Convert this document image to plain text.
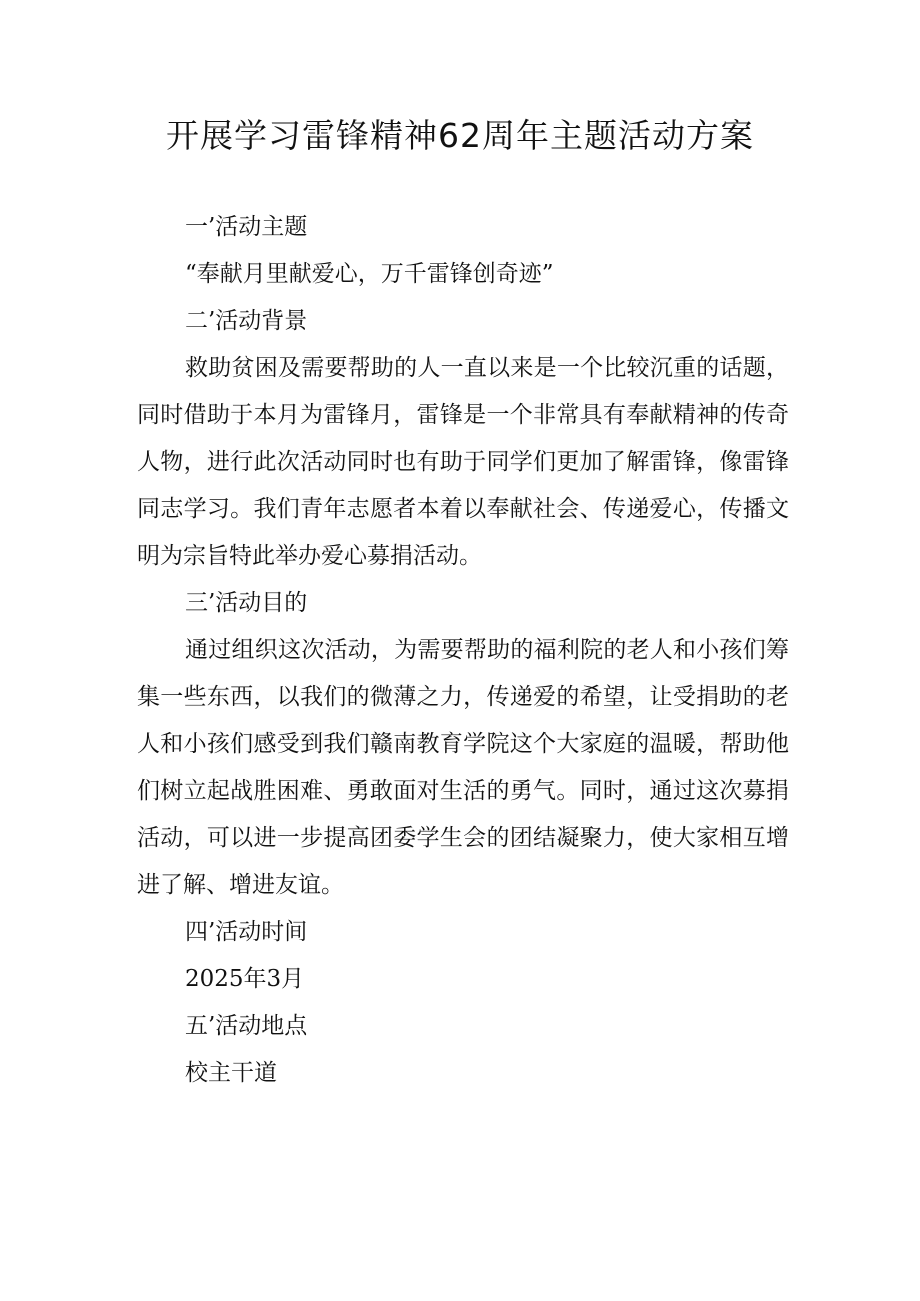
开展学习雷锋精神62周年主题活动方案

一’活动主题

“奉献月里献爱心，万千雷锋创奇迹”

二’活动背景

救助贫困及需要帮助的人一直以来是一个比较沉重的话题，同时借助于本月为雷锋月，雷锋是一个非常具有奉献精神的传奇人物，进行此次活动同时也有助于同学们更加了解雷锋，像雷锋同志学习。我们青年志愿者本着以奉献社会、传递爱心，传播文明为宗旨特此举办爱心募捐活动。

三’活动目的

通过组织这次活动，为需要帮助的福利院的老人和小孩们筹集一些东西，以我们的微薄之力，传递爱的希望，让受捐助的老人和小孩们感受到我们赣南教育学院这个大家庭的温暖，帮助他们树立起战胜困难、勇敢面对生活的勇气。同时，通过这次募捐活动，可以进一步提高团委学生会的团结凝聚力，使大家相互增进了解、增进友谊。

四’活动时间

2025年3月

五’活动地点

校主干道
